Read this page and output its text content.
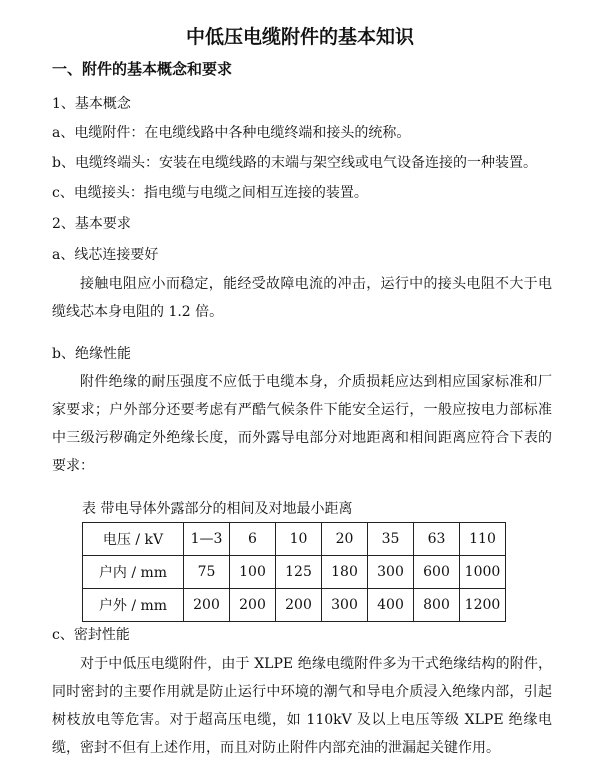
中低压电缆附件的基本知识
一、附件的基本概念和要求
1、基本概念
a、电缆附件：在电缆线路中各种电缆终端和接头的统称。
b、电缆终端头：安装在电缆线路的末端与架空线或电气设备连接的一种装置。
c、电缆接头：指电缆与电缆之间相互连接的装置。
2、基本要求
a、线芯连接要好
接触电阻应小而稳定，能经受故障电流的冲击，运行中的接头电阻不大于电缆线芯本身电阻的 1.2 倍。
b、绝缘性能
附件绝缘的耐压强度不应低于电缆本身，介质损耗应达到相应国家标准和厂家要求；户外部分还要考虑有严酷气候条件下能安全运行，一般应按电力部标准中三级污秽确定外绝缘长度，而外露导电部分对地距离和相间距离应符合下表的要求：
表 带电导体外露部分的相间及对地最小距离
电压 / kV	1—3	6	10	20	35	63	110
户内 / mm	75	100	125	180	300	600	1000
户外 / mm	200	200	200	300	400	800	1200
c、密封性能
对于中低压电缆附件，由于 XLPE 绝缘电缆附件多为干式绝缘结构的附件，同时密封的主要作用就是防止运行中环境的潮气和导电介质浸入绝缘内部，引起树枝放电等危害。对于超高压电缆，如 110kV 及以上电压等级 XLPE 绝缘电缆，密封不但有上述作用，而且对防止附件内部充油的泄漏起关键作用。
